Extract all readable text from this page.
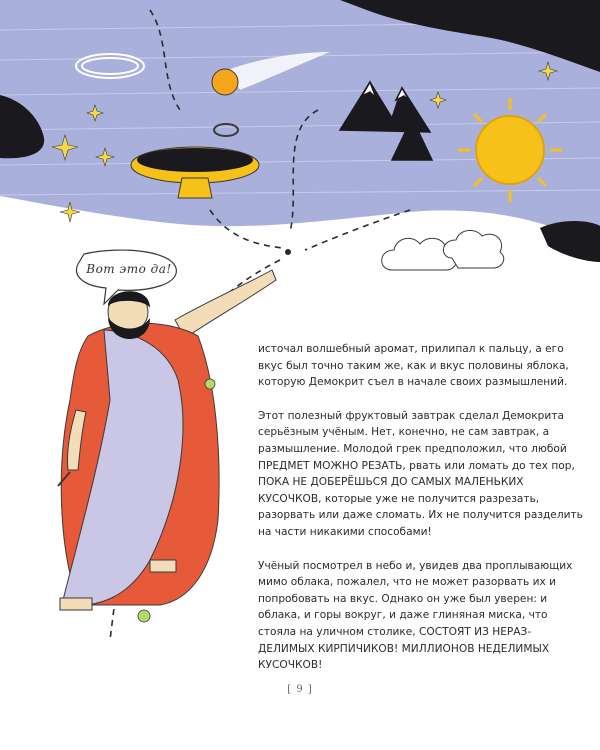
Вот это да!

источал волшебный аромат, прилипал к пальцу, а его вкус был точно таким же, как и вкус половины яблока, которую Демокрит съел в начале своих размышлений.

Этот полезный фруктовый завтрак сделал Демокрита серьёзным учёным. Нет, конечно, не сам завтрак, а размышление. Молодой грек предположил, что любой ПРЕДМЕТ МОЖНО РЕЗАТЬ, рвать или ломать до тех пор, ПОКА НЕ ДОБЕРЁШЬСЯ ДО САМЫХ МАЛЕНЬКИХ КУСОЧКОВ, которые уже не получится разрезать, разорвать или даже сломать. Их не получится разделить на части никакими способами!

Учёный посмотрел в небо и, увидев два проплывающих мимо облака, пожалел, что не может разорвать их и попробовать на вкус. Однако он уже был уверен: и облака, и горы вокруг, и даже глиняная миска, что стояла на уличном столике, СОСТОЯТ ИЗ НЕРАЗДЕЛИМЫХ КИРПИЧИКОВ! МИЛЛИОНОВ НЕДЕЛИМЫХ КУСОЧКОВ!

[ 9 ]
